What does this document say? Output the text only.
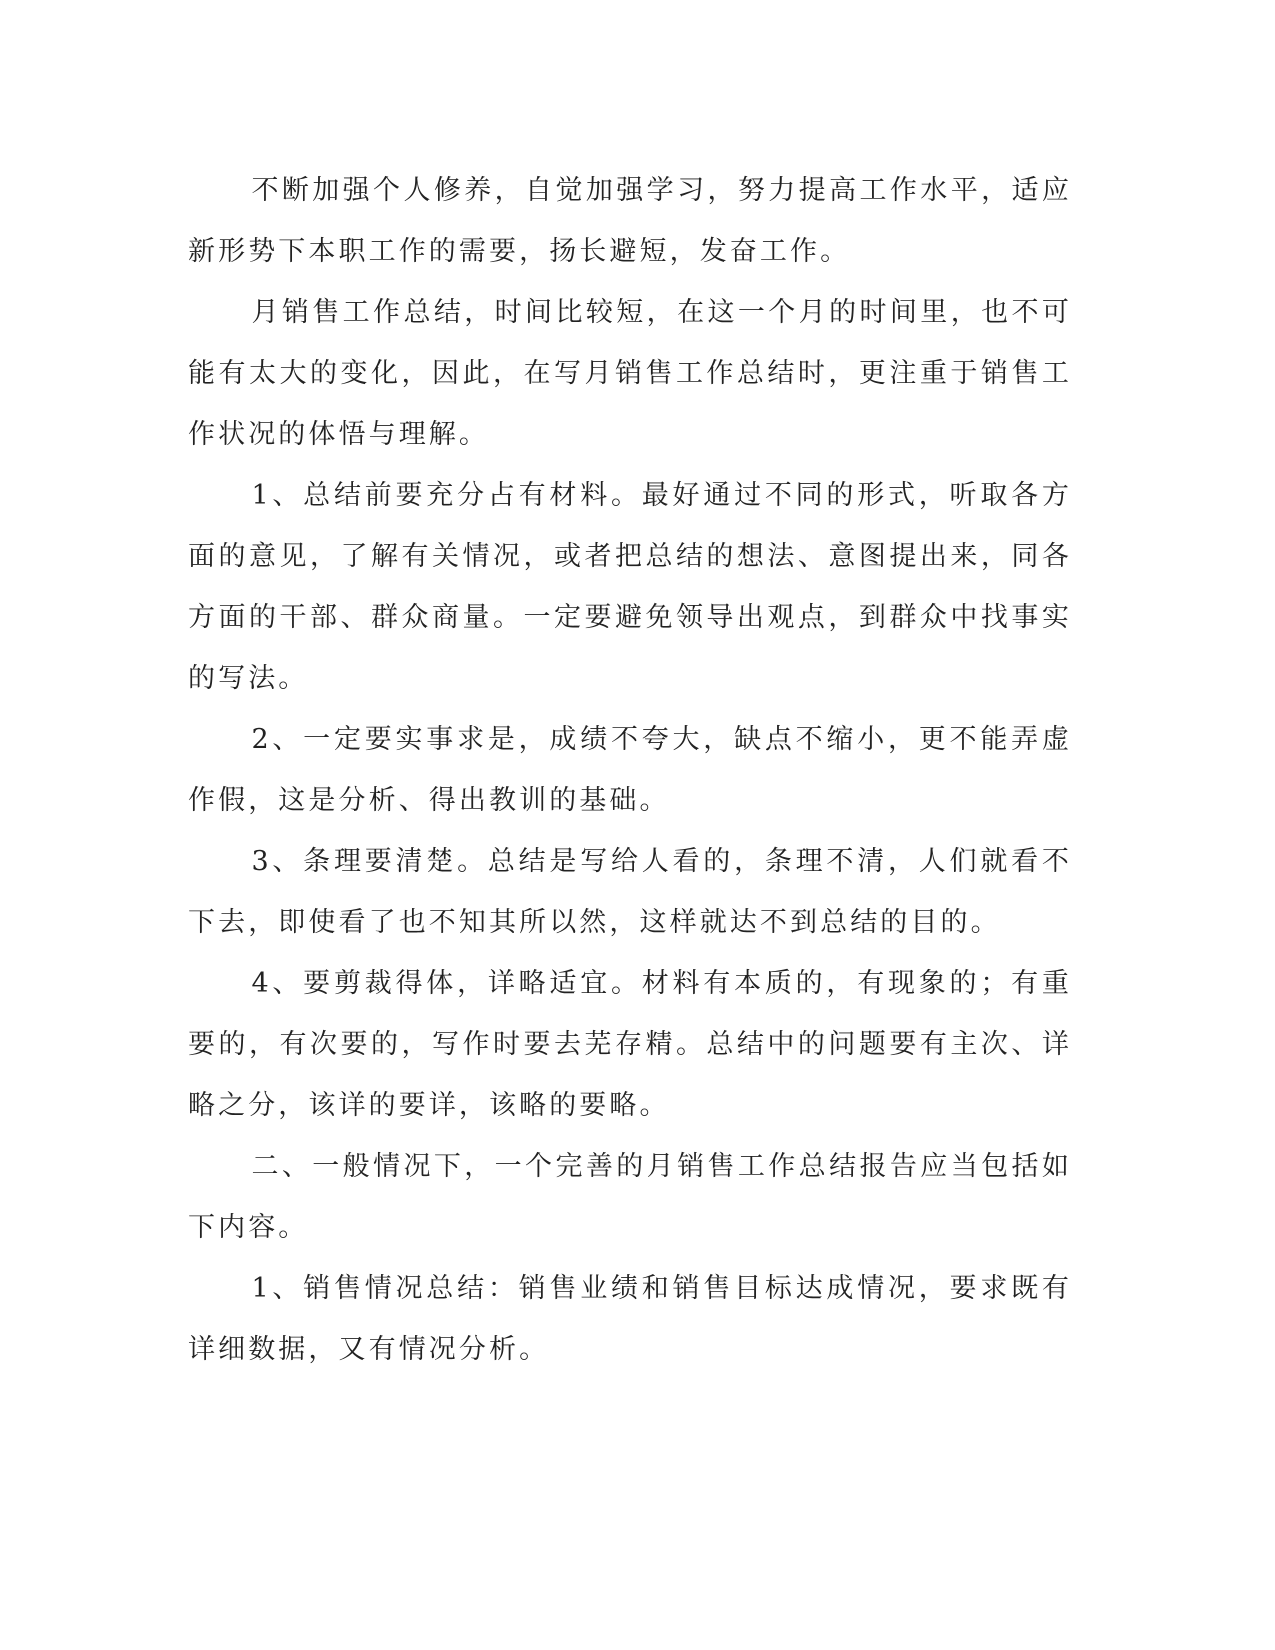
不断加强个人修养，自觉加强学习，努力提高工作水平，适应新形势下本职工作的需要，扬长避短，发奋工作。

月销售工作总结，时间比较短，在这一个月的时间里，也不可能有太大的变化，因此，在写月销售工作总结时，更注重于销售工作状况的体悟与理解。

1、总结前要充分占有材料。最好通过不同的形式，听取各方面的意见，了解有关情况，或者把总结的想法、意图提出来，同各方面的干部、群众商量。一定要避免领导出观点，到群众中找事实的写法。

2、一定要实事求是，成绩不夸大，缺点不缩小，更不能弄虚作假，这是分析、得出教训的基础。

3、条理要清楚。总结是写给人看的，条理不清，人们就看不下去，即使看了也不知其所以然，这样就达不到总结的目的。

4、要剪裁得体，详略适宜。材料有本质的，有现象的；有重要的，有次要的，写作时要去芜存精。总结中的问题要有主次、详略之分，该详的要详，该略的要略。

二、一般情况下，一个完善的月销售工作总结报告应当包括如下内容。

1、销售情况总结：销售业绩和销售目标达成情况，要求既有详细数据，又有情况分析。
